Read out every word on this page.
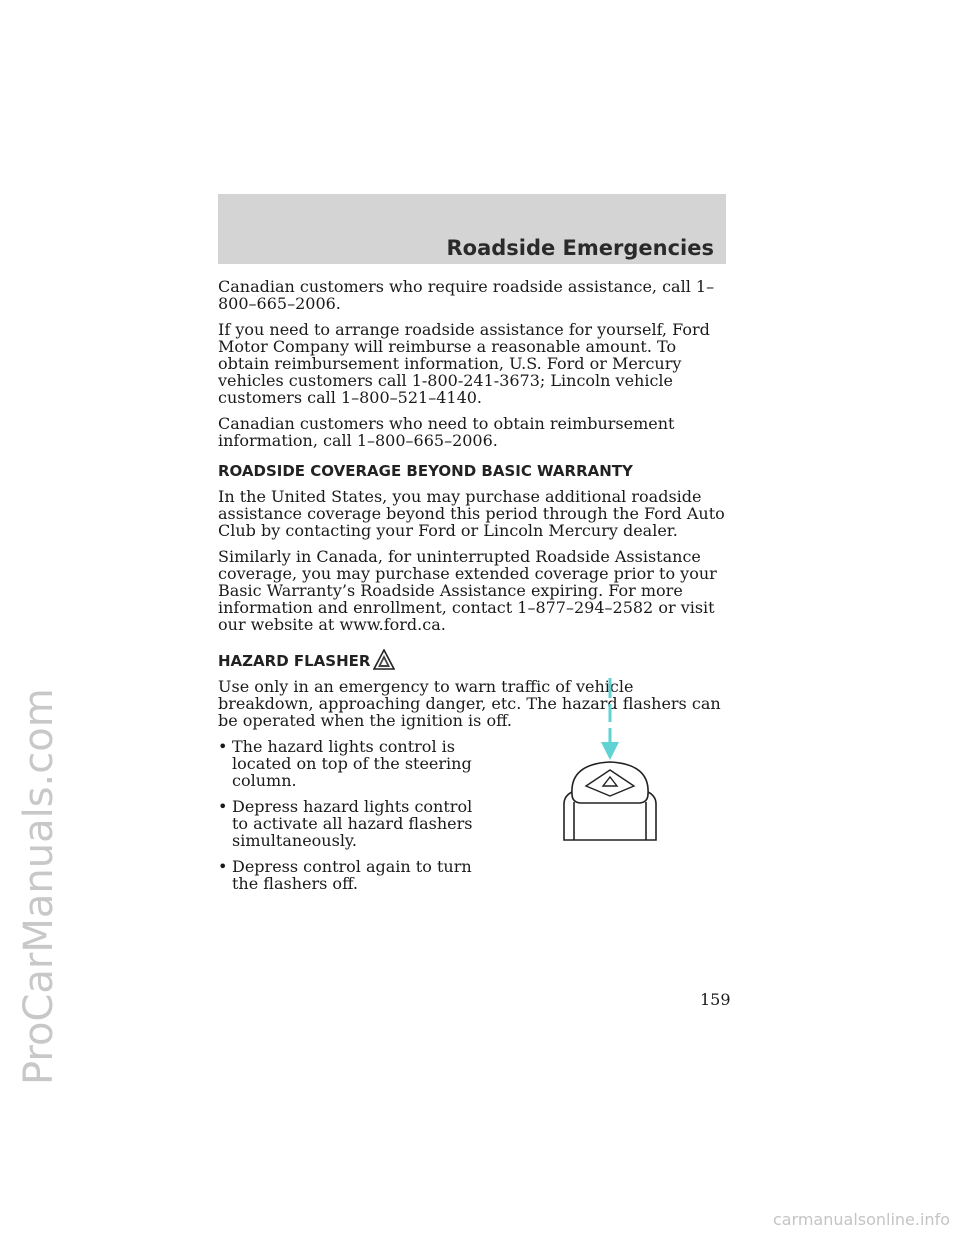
ProCarManuals.com
Roadside Emergencies

Canadian customers who require roadside assistance, call 1–800–665–2006.

If you need to arrange roadside assistance for yourself, Ford Motor Company will reimburse a reasonable amount. To obtain reimbursement information, U.S. Ford or Mercury vehicles customers call 1-800-241-3673; Lincoln vehicle customers call 1–800–521–4140.

Canadian customers who need to obtain reimbursement information, call 1–800–665–2006.

ROADSIDE COVERAGE BEYOND BASIC WARRANTY

In the United States, you may purchase additional roadside assistance coverage beyond this period through the Ford Auto Club by contacting your Ford or Lincoln Mercury dealer.

Similarly in Canada, for uninterrupted Roadside Assistance coverage, you may purchase extended coverage prior to your Basic Warranty’s Roadside Assistance expiring. For more information and enrollment, contact 1–877–294–2582 or visit our website at www.ford.ca.

HAZARD FLASHER

Use only in an emergency to warn traffic of vehicle breakdown, approaching danger, etc. The hazard flashers can be operated when the ignition is off.

• The hazard lights control is located on top of the steering column.
• Depress hazard lights control to activate all hazard flashers simultaneously.
• Depress control again to turn the flashers off.
159
carmanualsonline.info
